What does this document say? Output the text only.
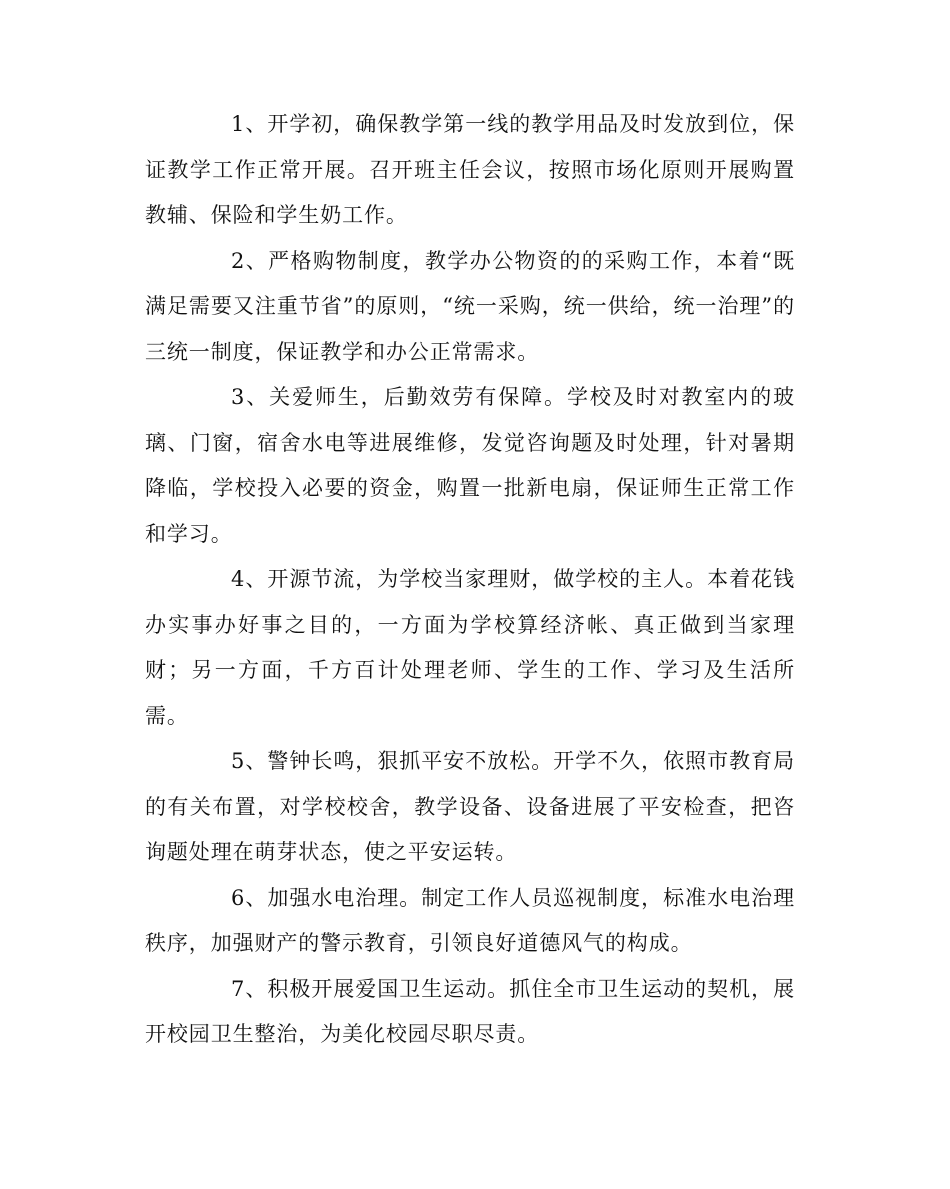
1、开学初，确保教学第一线的教学用品及时发放到位，保证教学工作正常开展。召开班主任会议，按照市场化原则开展购置教辅、保险和学生奶工作。

2、严格购物制度，教学办公物资的的采购工作，本着“既满足需要又注重节省”的原则，“统一采购，统一供给，统一治理”的三统一制度，保证教学和办公正常需求。

3、关爱师生，后勤效劳有保障。学校及时对教室内的玻璃、门窗，宿舍水电等进展维修，发觉咨询题及时处理，针对暑期降临，学校投入必要的资金，购置一批新电扇，保证师生正常工作和学习。

4、开源节流，为学校当家理财，做学校的主人。本着花钱办实事办好事之目的，一方面为学校算经济帐、真正做到当家理财；另一方面，千方百计处理老师、学生的工作、学习及生活所需。

5、警钟长鸣，狠抓平安不放松。开学不久，依照市教育局的有关布置，对学校校舍，教学设备、设备进展了平安检查，把咨询题处理在萌芽状态，使之平安运转。

6、加强水电治理。制定工作人员巡视制度，标准水电治理秩序，加强财产的警示教育，引领良好道德风气的构成。

7、积极开展爱国卫生运动。抓住全市卫生运动的契机，展开校园卫生整治，为美化校园尽职尽责。
